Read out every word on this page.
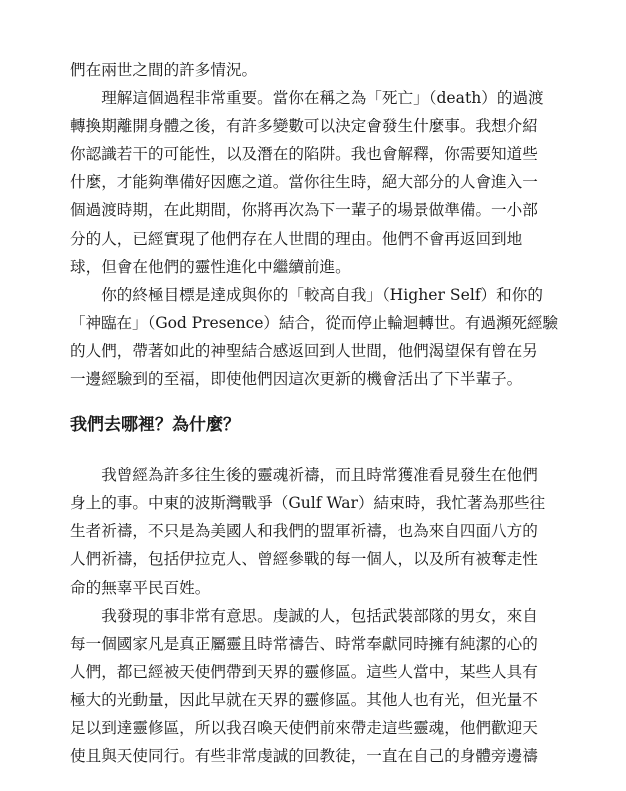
們在兩世之間的許多情況。

理解這個過程非常重要。當你在稱之為「死亡」（death）的過渡
轉換期離開身體之後，有許多變數可以決定會發生什麼事。我想介紹
你認識若干的可能性，以及潛在的陷阱。我也會解釋，你需要知道些
什麼，才能夠準備好因應之道。當你往生時，絕大部分的人會進入一
個過渡時期，在此期間，你將再次為下一輩子的場景做準備。一小部
分的人，已經實現了他們存在人世間的理由。他們不會再返回到地
球，但會在他們的靈性進化中繼續前進。

你的終極目標是達成與你的「較高自我」（Higher Self）和你的
「神臨在」（God Presence）結合，從而停止輪迴轉世。有過瀕死經驗
的人們，帶著如此的神聖結合感返回到人世間，他們渴望保有曾在另
一邊經驗到的至福，即使他們因這次更新的機會活出了下半輩子。

我們去哪裡？為什麼？

我曾經為許多往生後的靈魂祈禱，而且時常獲准看見發生在他們
身上的事。中東的波斯灣戰爭（Gulf War）結束時，我忙著為那些往
生者祈禱，不只是為美國人和我們的盟軍祈禱，也為來自四面八方的
人們祈禱，包括伊拉克人、曾經參戰的每一個人，以及所有被奪走性
命的無辜平民百姓。

我發現的事非常有意思。虔誠的人，包括武裝部隊的男女，來自
每一個國家凡是真正屬靈且時常禱告、時常奉獻同時擁有純潔的心的
人們，都已經被天使們帶到天界的靈修區。這些人當中，某些人具有
極大的光動量，因此早就在天界的靈修區。其他人也有光，但光量不
足以到達靈修區，所以我召喚天使們前來帶走這些靈魂，他們歡迎天
使且與天使同行。有些非常虔誠的回教徒，一直在自己的身體旁邊禱
